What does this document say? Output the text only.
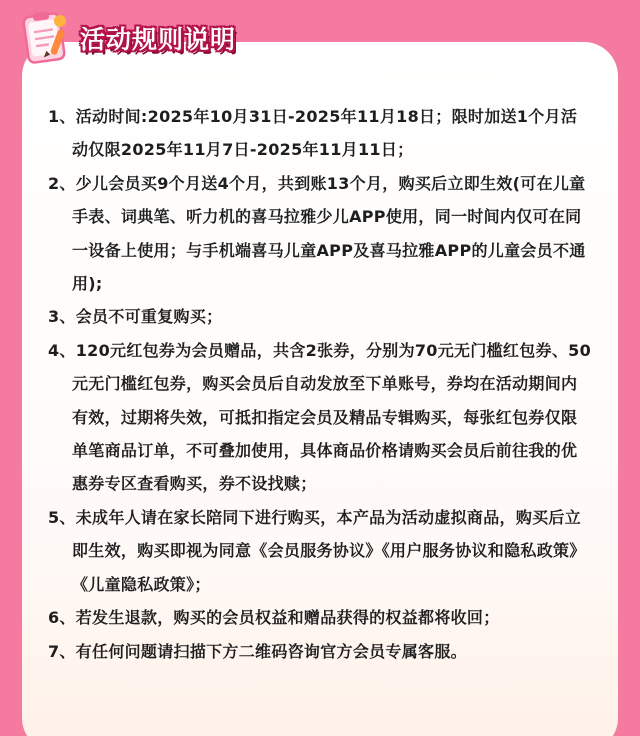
活动规则说明
1、活动时间:2025年10月31日-2025年11月18日；限时加送1个月活动仅限2025年11月7日-2025年11月11日；
2、少儿会员买9个月送4个月，共到账13个月，购买后立即生效(可在儿童手表、词典笔、听力机的喜马拉雅少儿APP使用，同一时间内仅可在同一设备上使用；与手机端喜马儿童APP及喜马拉雅APP的儿童会员不通用);
3、会员不可重复购买；
4、120元红包券为会员赠品，共含2张券，分别为70元无门槛红包券、50元无门槛红包券，购买会员后自动发放至下单账号，券均在活动期间内有效，过期将失效，可抵扣指定会员及精品专辑购买，每张红包券仅限单笔商品订单，不可叠加使用，具体商品价格请购买会员后前往我的优惠券专区查看购买，券不设找赎；
5、未成年人请在家长陪同下进行购买，本产品为活动虚拟商品，购买后立即生效，购买即视为同意《会员服务协议》《用户服务协议和隐私政策》《儿童隐私政策》；
6、若发生退款，购买的会员权益和赠品获得的权益都将收回；
7、有任何问题请扫描下方二维码咨询官方会员专属客服。
